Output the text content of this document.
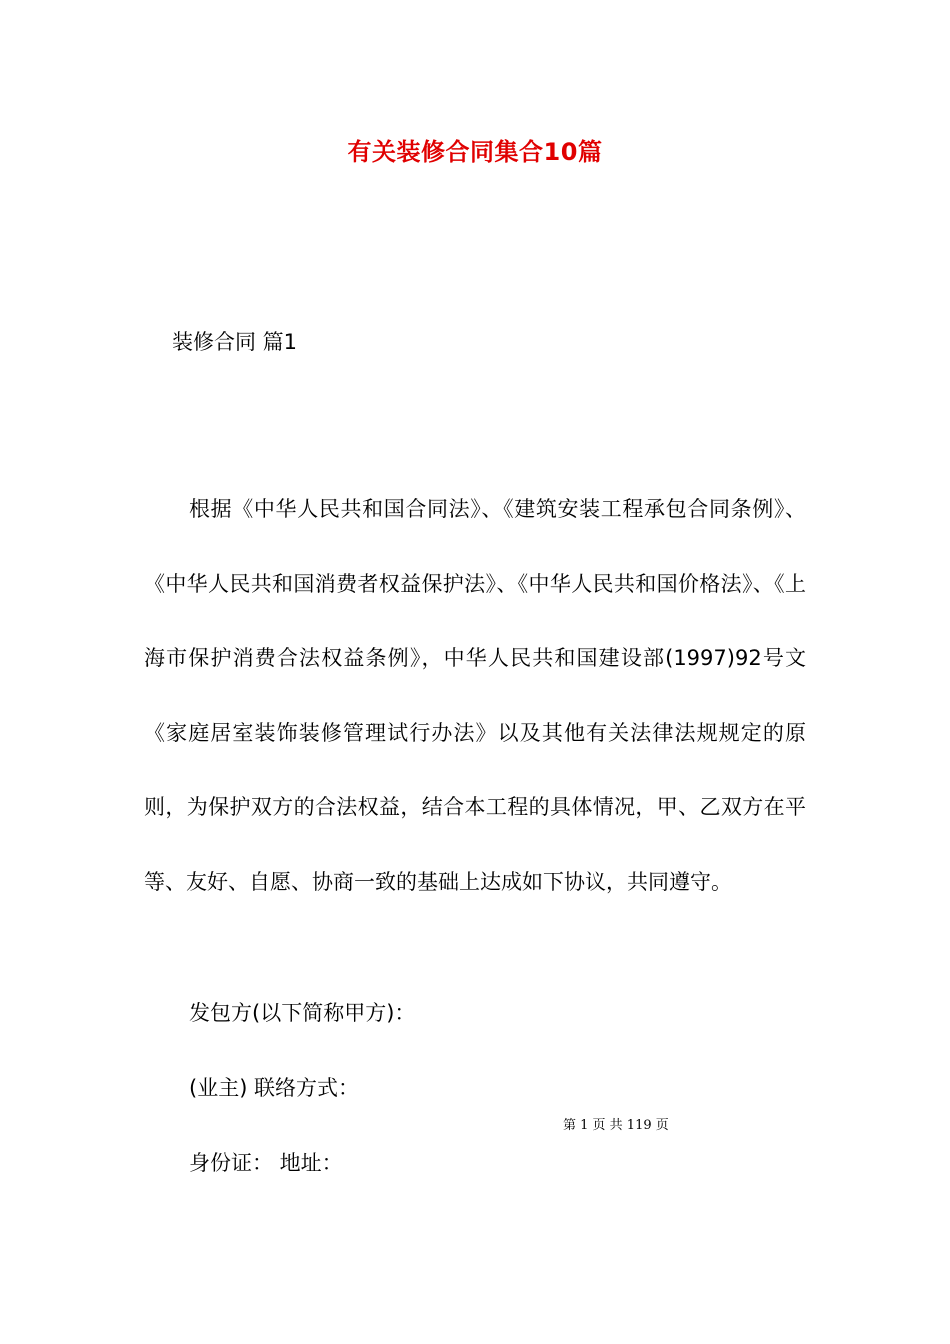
有关装修合同集合10篇
装修合同 篇1

根据《中华人民共和国合同法》、《建筑安装工程承包合同条例》、《中华人民共和国消费者权益保护法》、《中华人民共和国价格法》、《上海市保护消费合法权益条例》，中华人民共和国建设部(1997)92号文《家庭居室装饰装修管理试行办法》以及其他有关法律法规规定的原则，为保护双方的合法权益，结合本工程的具体情况，甲、乙双方在平等、友好、自愿、协商一致的基础上达成如下协议，共同遵守。

发包方(以下简称甲方)：
(业主) 联络方式：
第 1 页 共 119 页
身份证： 地址：
